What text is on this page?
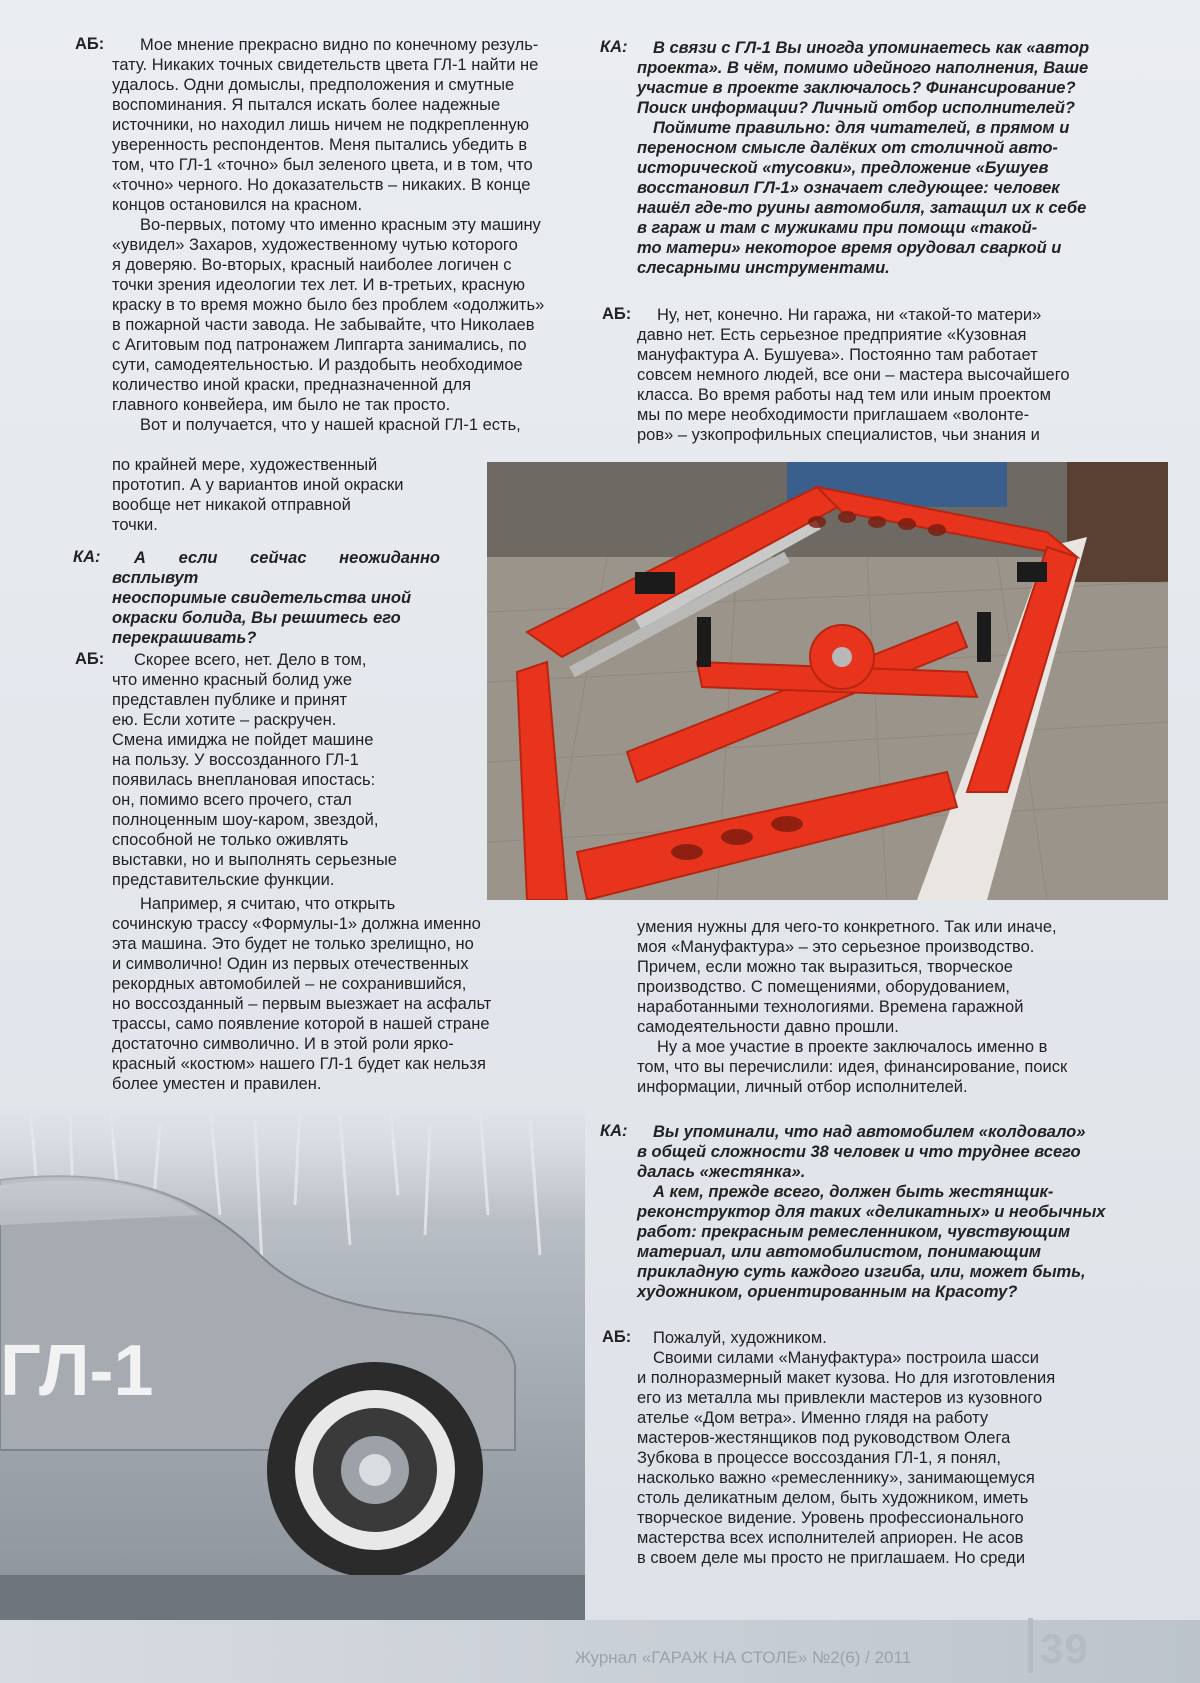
ГЛ-1
АБ:	Мое мнение прекрасно видно по конечному резуль-

тату. Никаких точных свидетельств цвета ГЛ-1 найти не
удалось. Одни домыслы, предположения и смутные
воспоминания. Я пытался искать более надежные
источники, но находил лишь ничем не подкрепленную
уверенность респондентов. Меня пытались убедить в
том, что ГЛ-1 «точно» был зеленого цвета, и в том, что
«точно» черного. Но доказательств – никаких. В конце
концов остановился на красном.

Во-первых, потому что именно красным эту машину
«увидел» Захаров, художественному чутью которого
я доверяю. Во-вторых, красный наиболее логичен с
точки зрения идеологии тех лет. И в-третьих, красную
краску в то время можно было без проблем «одолжить»
в пожарной части завода. Не забывайте, что Николаев
с Агитовым под патронажем Липгарта занимались, по
сути, самодеятельностью. И раздобыть необходимое
количество иной краски, предназначенной для
главного конвейера, им было не так просто.
Вот и получается, что у нашей красной ГЛ-1 есть,

по крайней мере, художественный
прототип. А у вариантов иной окраски
вообще нет никакой отправной
точки.

КА:	А если сейчас неожиданно всплывут

неоспоримые свидетельства иной
окраски болида, Вы решитесь его
перекрашивать?

АБ:	Скорее всего, нет. Дело в том,

что именно красный болид уже
представлен публике и принят
ею. Если хотите – раскручен.
Смена имиджа не пойдет машине
на пользу. У воссозданного ГЛ-1
появилась внеплановая ипостась:
он, помимо всего прочего, стал
полноценным шоу-каром, звездой,
способной не только оживлять
выставки, но и выполнять серьезные
представительские функции.

Например, я считаю, что открыть
сочинскую трассу «Формулы-1» должна именно
эта машина. Это будет не только зрелищно, но
и символично! Один из первых отечественных
рекордных автомобилей – не сохранившийся,
но воссозданный – первым выезжает на асфальт
трассы, само появление которой в нашей стране
достаточно символично. И в этой роли ярко-
красный «костюм» нашего ГЛ-1 будет как нельзя
более уместен и правилен.

КА:	В связи с ГЛ-1 Вы иногда упоминаетесь как «автор

проекта». В чём, помимо идейного наполнения, Ваше
участие в проекте заключалось? Финансирование?
Поиск информации? Личный отбор исполнителей?
Поймите правильно: для читателей, в прямом и
переносном смысле далёких от столичной авто-
исторической «тусовки», предложение «Бушуев
восстановил ГЛ-1» означает следующее: человек
нашёл где-то руины автомобиля, затащил их к себе
в гараж и там с мужиками при помощи «такой-
то матери» некоторое время орудовал сваркой и
слесарными инструментами.

АБ:	Ну, нет, конечно. Ни гаража, ни «такой-то матери»

давно нет. Есть серьезное предприятие «Кузовная
мануфактура А. Бушуева». Постоянно там работает
совсем немного людей, все они – мастера высочайшего
класса. Во время работы над тем или иным проектом
мы по мере необходимости приглашаем «волонте-
ров» – узкопрофильных специалистов, чьи знания и

умения нужны для чего-то конкретного. Так или иначе,
моя «Мануфактура» – это серьезное производство.
Причем, если можно так выразиться, творческое
производство. С помещениями, оборудованием,
наработанными технологиями. Времена гаражной
самодеятельности давно прошли.
Ну а мое участие в проекте заключалось именно в
том, что вы перечислили: идея, финансирование, поиск
информации, личный отбор исполнителей.

КА:	Вы упоминали, что над автомобилем «колдовало»

в общей сложности 38 человек и что труднее всего
далась «жестянка».
А кем, прежде всего, должен быть жестянщик-
реконструктор для таких «деликатных» и необычных
работ: прекрасным ремесленником, чувствующим
материал, или автомобилистом, понимающим
прикладную суть каждого изгиба, или, может быть,
художником, ориентированным на Красоту?

АБ:	Пожалуй, художником.

Своими силами «Мануфактура» построила шасси
и полноразмерный макет кузова. Но для изготовления
его из металла мы привлекли мастеров из кузовного
ателье «Дом ветра». Именно глядя на работу
мастеров-жестянщиков под руководством Олега
Зубкова в процессе воссоздания ГЛ-1, я понял,
насколько важно «ремесленнику», занимающемуся
столь деликатным делом, быть художником, иметь
творческое видение. Уровень профессионального
мастерства всех исполнителей априорен. Не асов
в своем деле мы просто не приглашаем. Но среди

Журнал «ГАРАЖ НА СТОЛЕ» №2(6) / 2011	39
